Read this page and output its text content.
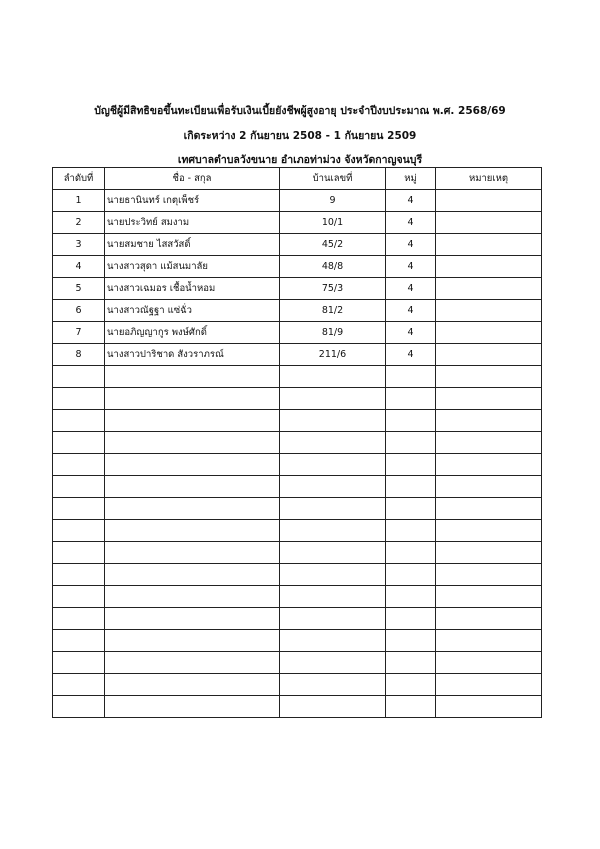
บัญชีผู้มีสิทธิขอขึ้นทะเบียนเพื่อรับเงินเบี้ยยังชีพผู้สูงอายุ ประจำปีงบประมาณ พ.ศ. 2568/69
เกิดระหว่าง 2 กันยายน 2508 - 1 กันยายน 2509
เทศบาลตำบลวังขนาย อำเภอท่าม่วง จังหวัดกาญจนบุรี
ลำดับที่	ชื่อ - สกุล	บ้านเลขที่	หมู่	หมายเหตุ
1	นายธานินทร์ เกตุเพ็ชร์	9	4	
2	นายประวิทย์ สมงาม	10/1	4	
3	นายสมชาย ไสสวัสดิ์	45/2	4	
4	นางสาวสุดา แม้สนมาลัย	48/8	4	
5	นางสาวเฉมอร เชื้อน้ำหอม	75/3	4	
6	นางสาวณัฐฐา แซ่ฉั่ว	81/2	4	
7	นายอภิญญากูร พงษ์ศักดิ์	81/9	4	
8	นางสาวปาริชาด สังวราภรณ์	211/6	4	
